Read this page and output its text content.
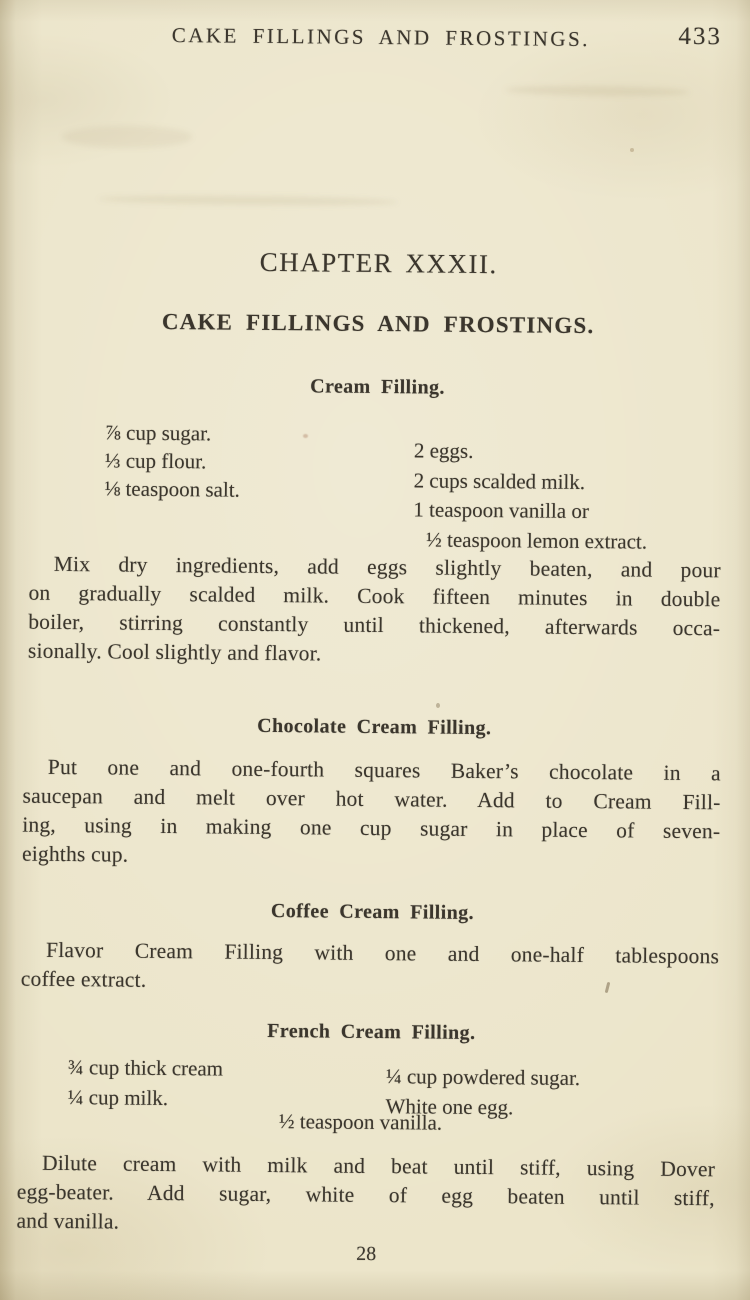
CAKE FILLINGS AND FROSTINGS.	433
CHAPTER XXXII.
CAKE FILLINGS AND FROSTINGS.
Cream Filling.
⅞ cup sugar.
⅓ cup flour.
⅛ teaspoon salt.
2 eggs.
2 cups scalded milk.
1 teaspoon vanilla or
½ teaspoon lemon extract.
Mix dry ingredients, add eggs slightly beaten, and pour
on gradually scalded milk. Cook fifteen minutes in double
boiler, stirring constantly until thickened, afterwards occa-
sionally. Cool slightly and flavor.
Chocolate Cream Filling.
Put one and one-fourth squares Baker’s chocolate in a
saucepan and melt over hot water. Add to Cream Fill-
ing, using in making one cup sugar in place of seven-
eighths cup.
Coffee Cream Filling.
Flavor Cream Filling with one and one-half tablespoons
coffee extract.
French Cream Filling.
¾ cup thick cream
¼ cup milk.
¼ cup powdered sugar.
White one egg.
½ teaspoon vanilla.
Dilute cream with milk and beat until stiff, using Dover
egg-beater. Add sugar, white of egg beaten until stiff,
and vanilla.
28
